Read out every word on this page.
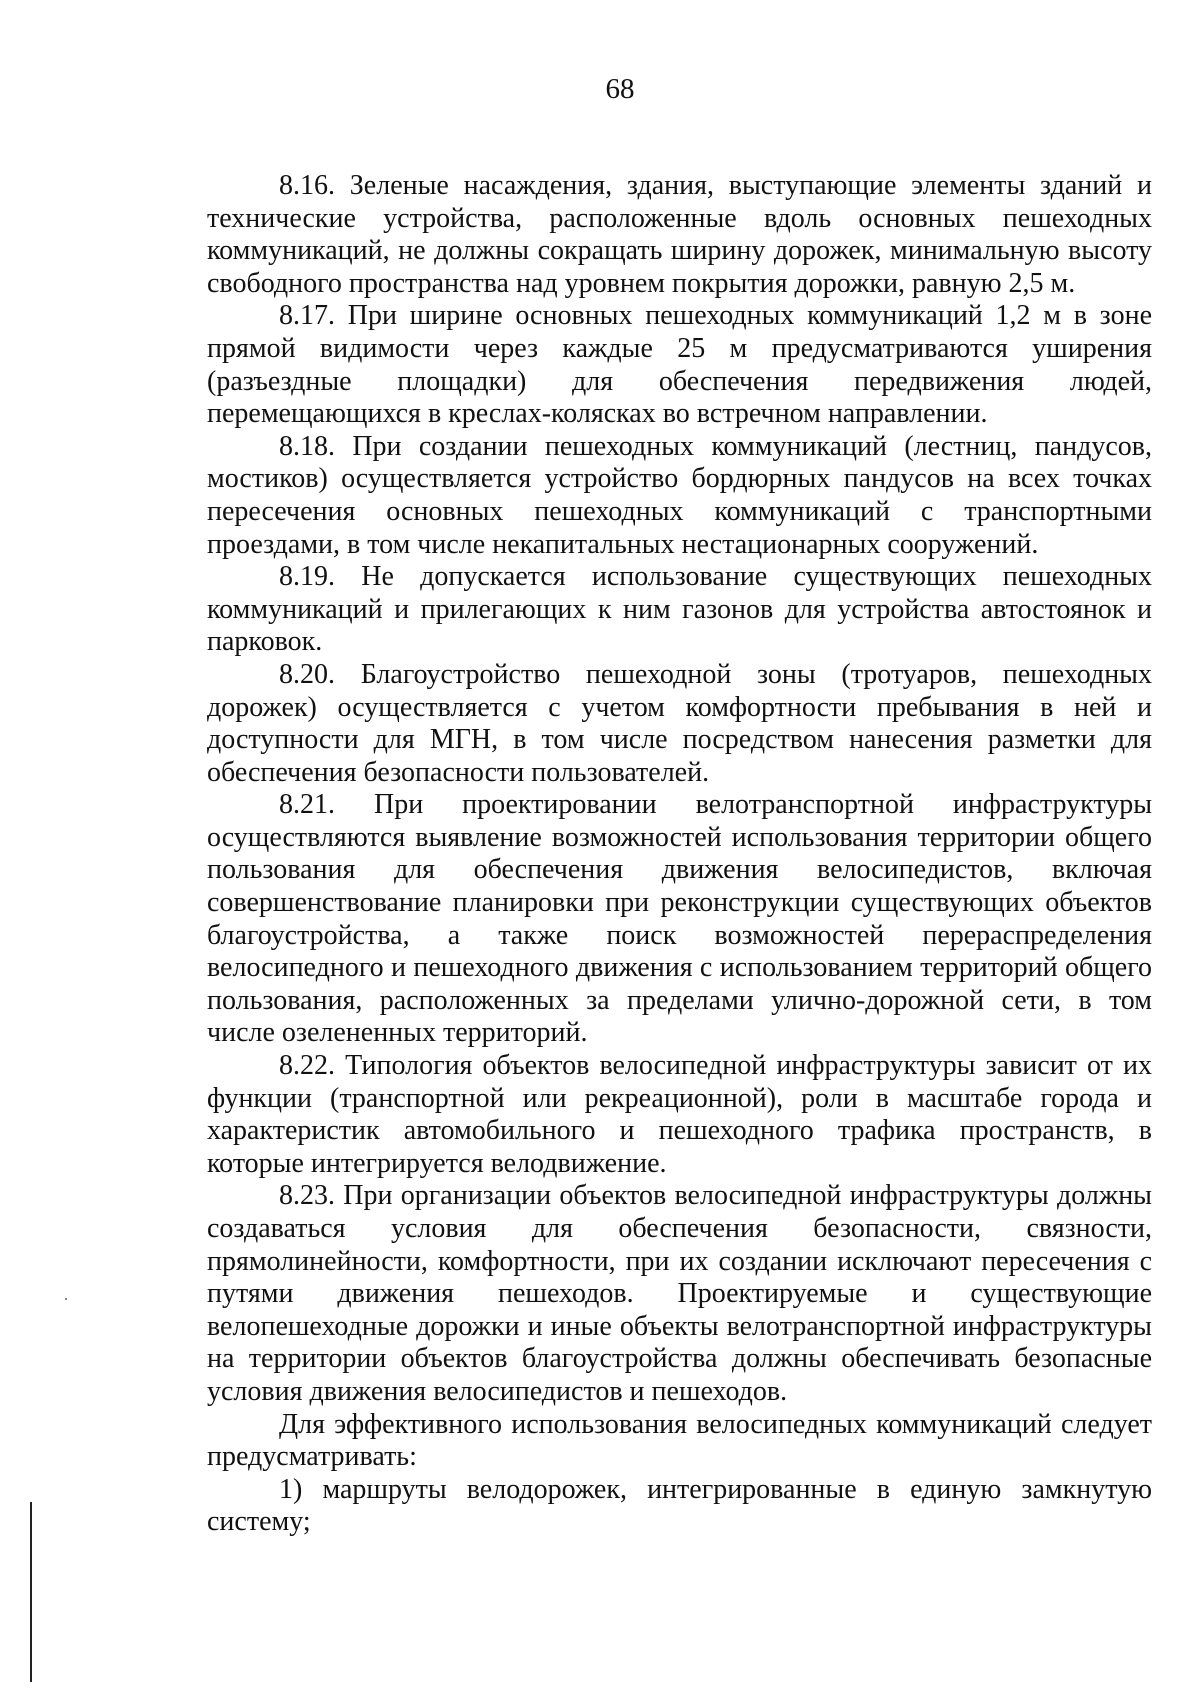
68

8.16. Зеленые насаждения, здания, выступающие элементы зданий и технические устройства, расположенные вдоль основных пешеходных коммуникаций, не должны сокращать ширину дорожек, минимальную высоту свободного пространства над уровнем покрытия дорожки, равную 2,5 м.

8.17. При ширине основных пешеходных коммуникаций 1,2 м в зоне прямой видимости через каждые 25 м предусматриваются уширения (разъездные площадки) для обеспечения передвижения людей, перемещающихся в креслах-колясках во встречном направлении.

8.18. При создании пешеходных коммуникаций (лестниц, пандусов, мостиков) осуществляется устройство бордюрных пандусов на всех точках пересечения основных пешеходных коммуникаций с транспортными проездами, в том числе некапитальных нестационарных сооружений.

8.19. Не допускается использование существующих пешеходных коммуникаций и прилегающих к ним газонов для устройства автостоянок и парковок.

8.20. Благоустройство пешеходной зоны (тротуаров, пешеходных дорожек) осуществляется с учетом комфортности пребывания в ней и доступности для МГН, в том числе посредством нанесения разметки для обеспечения безопасности пользователей.

8.21. При проектировании велотранспортной инфраструктуры осуществляются выявление возможностей использования территории общего пользования для обеспечения движения велосипедистов, включая совершенствование планировки при реконструкции существующих объектов благоустройства, а также поиск возможностей перераспределения велосипедного и пешеходного движения с использованием территорий общего пользования, расположенных за пределами улично-дорожной сети, в том числе озелененных территорий.

8.22. Типология объектов велосипедной инфраструктуры зависит от их функции (транспортной или рекреационной), роли в масштабе города и характеристик автомобильного и пешеходного трафика пространств, в которые интегрируется велодвижение.

8.23. При организации объектов велосипедной инфраструктуры должны создаваться условия для обеспечения безопасности, связности, прямолинейности, комфортности, при их создании исключают пересечения с путями движения пешеходов. Проектируемые и существующие велопешеходные дорожки и иные объекты велотранспортной инфраструктуры на территории объектов благоустройства должны обеспечивать безопасные условия движения велосипедистов и пешеходов.

Для эффективного использования велосипедных коммуникаций следует предусматривать:

1) маршруты велодорожек, интегрированные в единую замкнутую систему;
